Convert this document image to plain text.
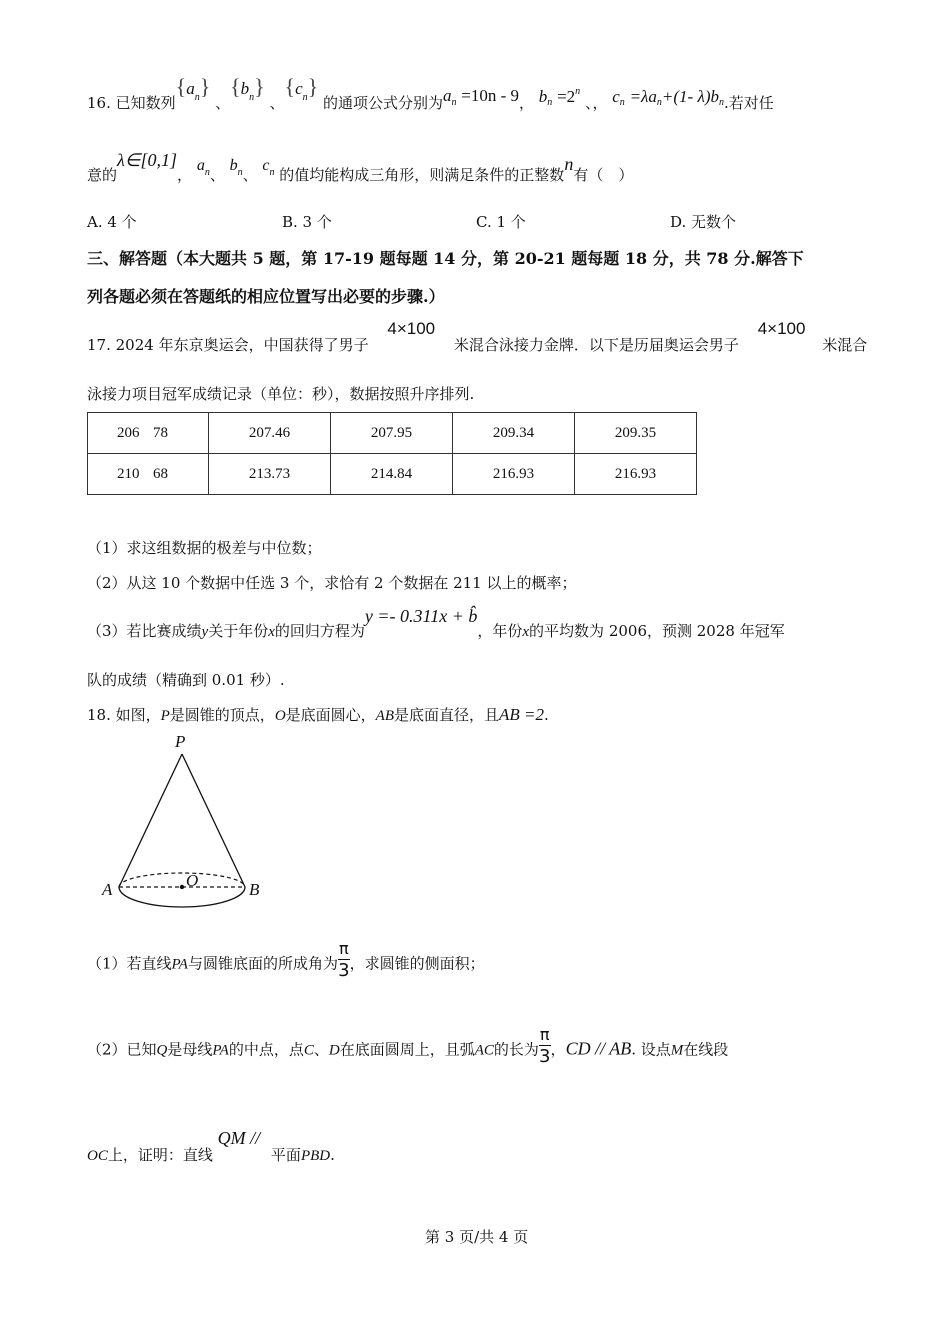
16. 已知数列$\{a_n\}$ 、$\{b_n\}$ 、$\{c_n\}$ 的通项公式分别为$a_n =10n - 9$， $b_n =2^n$ 、， $c_n =\lambda a_n+(1-$ $\lambda)b_n$.若对任
意的λ∈[0,1]， $a_n$、 $b_n$、 $c_n$ 的值均能构成三角形，则满足条件的正整数n有（　）
A. 4 个	B. 3 个	C. 1 个	D. 无数个
三、解答题（本大题共 5 题，第 17-19 题每题 14 分，第 20-21 题每题 18 分，共 78 分.解答下
列各题必须在答题纸的相应位置写出必要的步骤.）
17. 2024 年东京奥运会，中国获得了男子 4×100 米混合泳接力金牌．以下是历届奥运会男子 4×100 米混合
泳接力项目冠军成绩记录（单位：秒），数据按照升序排列.
206 78	207.46	207.95	209.34	209.35
210 68	213.73	214.84	216.93	216.93
（1）求这组数据的极差与中位数；
（2）从这 10 个数据中任选 3 个，求恰有 2 个数据在 211 以上的概率；
（3）若比赛成绩y关于年份x的回归方程为y =- 0.311x + b̂，年份x的平均数为 2006，预测 2028 年冠军
队的成绩（精确到 0.01 秒）.
18. 如图，P是圆锥的顶点，O是底面圆心，AB是底面直径，且AB =2.
P
O
A	B
（1）若直线PA与圆锥底面的所成角为 $\frac{\pi}{3}$ ，求圆锥的侧面积；
（2）已知Q是母线PA的中点，点C、D在底面圆周上，且弧AC的长为 $\frac{\pi}{3}$ ，CD // AB. 设点M在线段
OC上，证明：直线 QM // 平面PBD.
第 3 页/共 4 页
